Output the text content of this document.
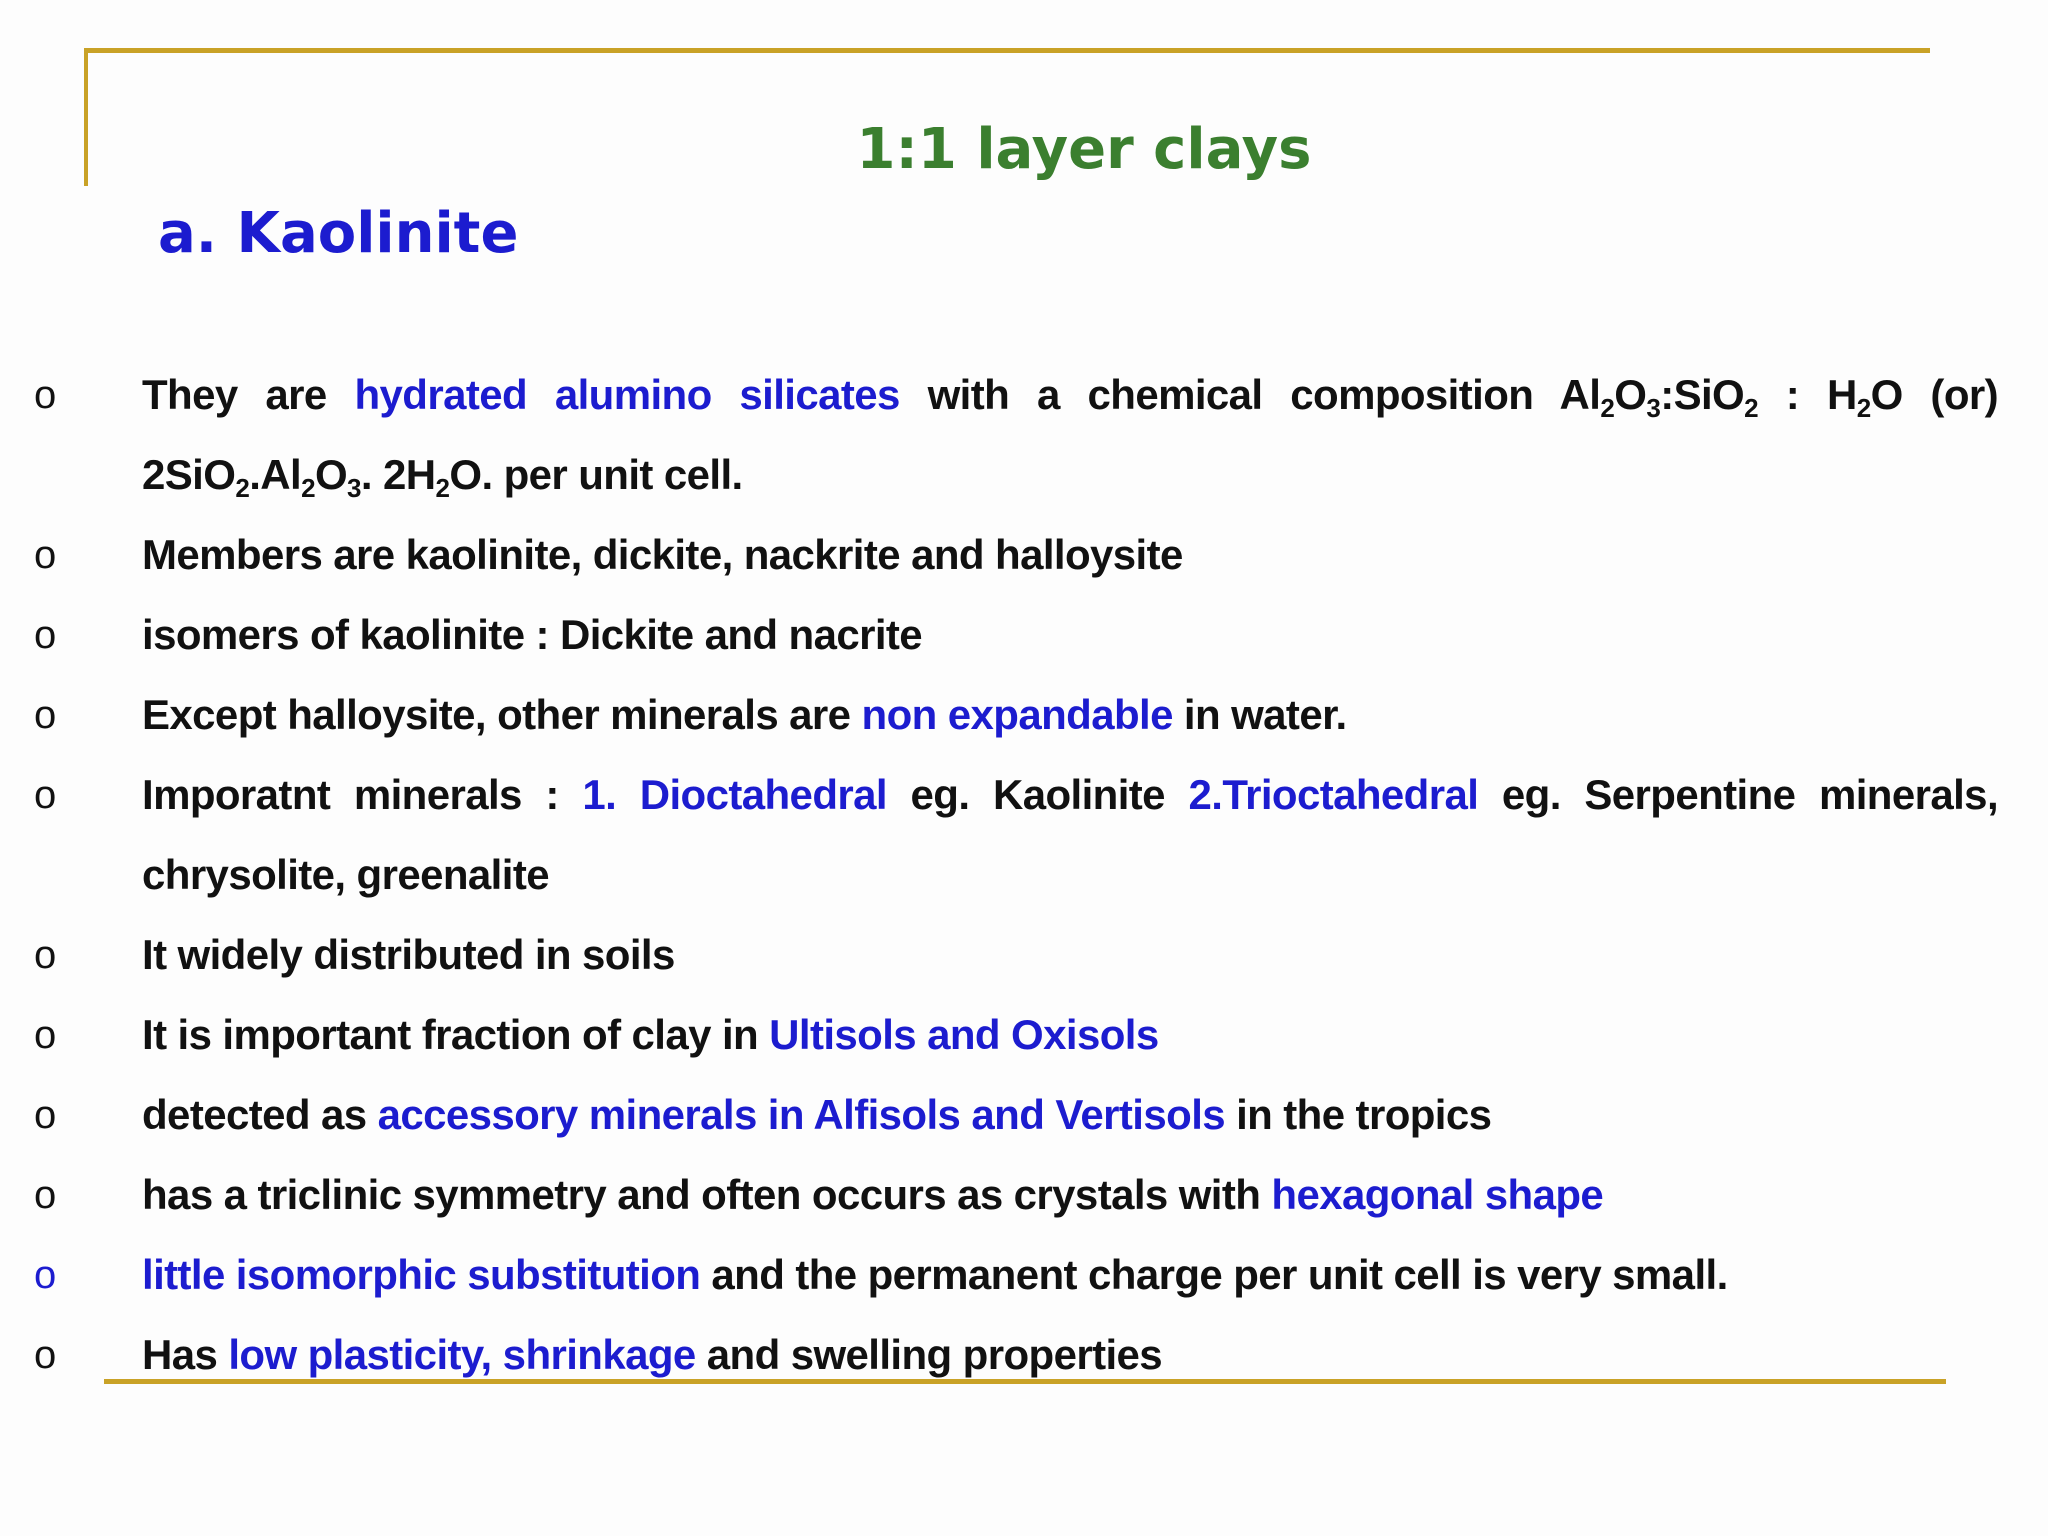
1:1 layer clays
a. Kaolinite
o They are hydrated alumino silicates with a chemical composition $Al_2O_3:SiO_2$ : $H_2O$ (or) $2SiO_2.Al_2O_3$. $2H_2O$. per unit cell.
o Members are kaolinite, dickite, nackrite and halloysite
o isomers of kaolinite : Dickite and nacrite
o Except halloysite, other minerals are non expandable in water.
o Imporatnt minerals : 1. Dioctahedral eg. Kaolinite 2.Trioctahedral eg. Serpentine minerals, chrysolite, greenalite
o It widely distributed in soils
o It is important fraction of clay in Ultisols and Oxisols
o detected as accessory minerals in Alfisols and Vertisols in the tropics
o has a triclinic symmetry and often occurs as crystals with hexagonal shape
o little isomorphic substitution and the permanent charge per unit cell is very small.
o Has low plasticity, shrinkage and swelling properties
